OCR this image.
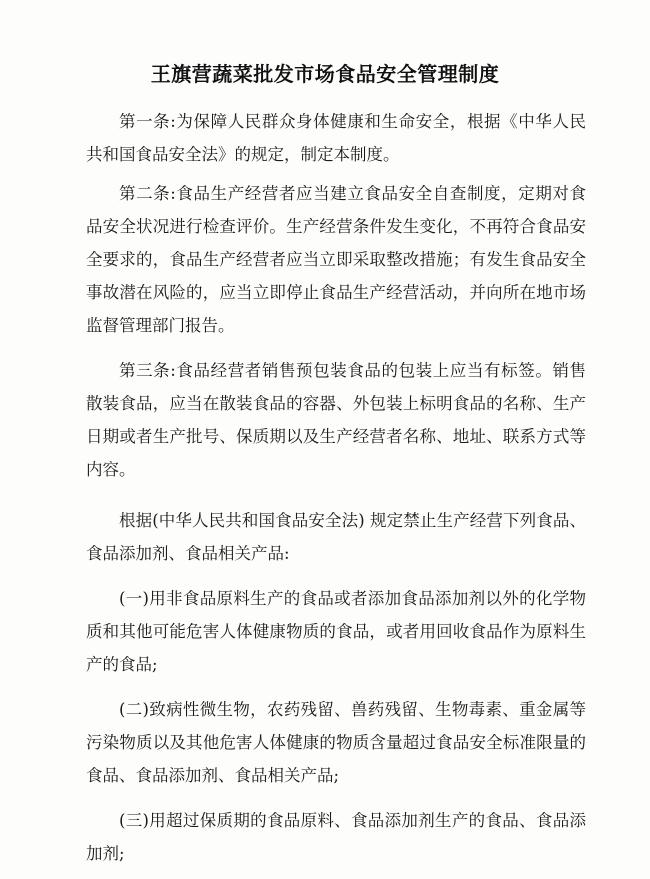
王旗营蔬菜批发市场食品安全管理制度

第一条:为保障人民群众身体健康和生命安全，根据《中华人民共和国食品安全法》的规定，制定本制度。

第二条:食品生产经营者应当建立食品安全自查制度，定期对食品安全状况进行检查评价。生产经营条件发生变化，不再符合食品安全要求的，食品生产经营者应当立即采取整改措施；有发生食品安全事故潜在风险的，应当立即停止食品生产经营活动，并向所在地市场监督管理部门报告。

第三条:食品经营者销售预包装食品的包装上应当有标签。销售散装食品，应当在散装食品的容器、外包装上标明食品的名称、生产日期或者生产批号、保质期以及生产经营者名称、地址、联系方式等内容。

根据(中华人民共和国食品安全法) 规定禁止生产经营下列食品、食品添加剂、食品相关产品:

(一)用非食品原料生产的食品或者添加食品添加剂以外的化学物质和其他可能危害人体健康物质的食品，或者用回收食品作为原料生产的食品;

(二)致病性微生物，农药残留、兽药残留、生物毒素、重金属等污染物质以及其他危害人体健康的物质含量超过食品安全标准限量的食品、食品添加剂、食品相关产品;

(三)用超过保质期的食品原料、食品添加剂生产的食品、食品添加剂;
